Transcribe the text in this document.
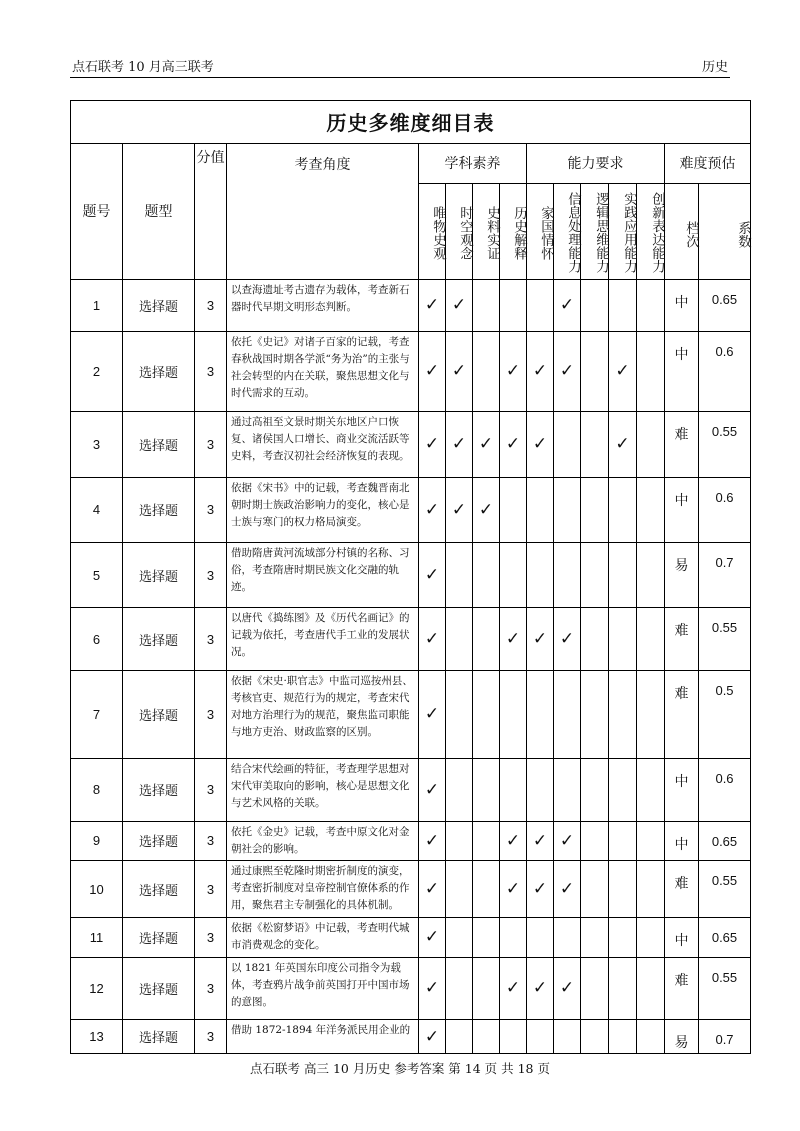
点石联考 10 月高三联考	历史
历史多维度细目表														
题号	题型	分值	考查角度	学科素养				能力要求					难度预估	
				唯物史观	时空观念	史料实证	历史解释	家国情怀	信息处理能力	逻辑思维能力	实践应用能力	创新表达能力	档次	系数
1	选择题	3	以查海遗址考古遗存为载体，考查新石器时代早期文明形态判断。	✓	✓				✓				中	0.65
2	选择题	3	依托《史记》对诸子百家的记载，考查春秋战国时期各学派“务为治”的主张与社会转型的内在关联，聚焦思想文化与时代需求的互动。	✓	✓		✓	✓	✓		✓		中	0.6
3	选择题	3	通过高祖至文景时期关东地区户口恢复、诸侯国人口增长、商业交流活跃等史料，考查汉初社会经济恢复的表现。	✓	✓	✓	✓	✓			✓		难	0.55
4	选择题	3	依据《宋书》中的记载，考查魏晋南北朝时期士族政治影响力的变化，核心是士族与寒门的权力格局演变。	✓	✓	✓							中	0.6
5	选择题	3	借助隋唐黄河流域部分村镇的名称、习俗，考查隋唐时期民族文化交融的轨迹。	✓									易	0.7
6	选择题	3	以唐代《捣练图》及《历代名画记》的记载为依托，考查唐代手工业的发展状况。	✓			✓	✓	✓				难	0.55
7	选择题	3	依据《宋史·职官志》中监司巡按州县、考核官吏、规范行为的规定，考查宋代对地方治理行为的规范，聚焦监司职能与地方吏治、财政监察的区别。	✓									难	0.5
8	选择题	3	结合宋代绘画的特征，考查理学思想对宋代审美取向的影响，核心是思想文化与艺术风格的关联。	✓									中	0.6
9	选择题	3	依托《金史》记载，考查中原文化对金朝社会的影响。	✓			✓	✓	✓				中	0.65
10	选择题	3	通过康熙至乾隆时期密折制度的演变，考查密折制度对皇帝控制官僚体系的作用，聚焦君主专制强化的具体机制。	✓			✓	✓	✓				难	0.55
11	选择题	3	依据《松窗梦语》中记载，考查明代城市消费观念的变化。	✓									中	0.65
12	选择题	3	以 1821 年英国东印度公司指令为载体，考查鸦片战争前英国打开中国市场的意图。	✓			✓	✓	✓				难	0.55
13	选择题	3	借助 1872-1894 年洋务派民用企业的	✓									易	0.7
点石联考 高三 10 月历史 参考答案 第 14 页 共 18 页
